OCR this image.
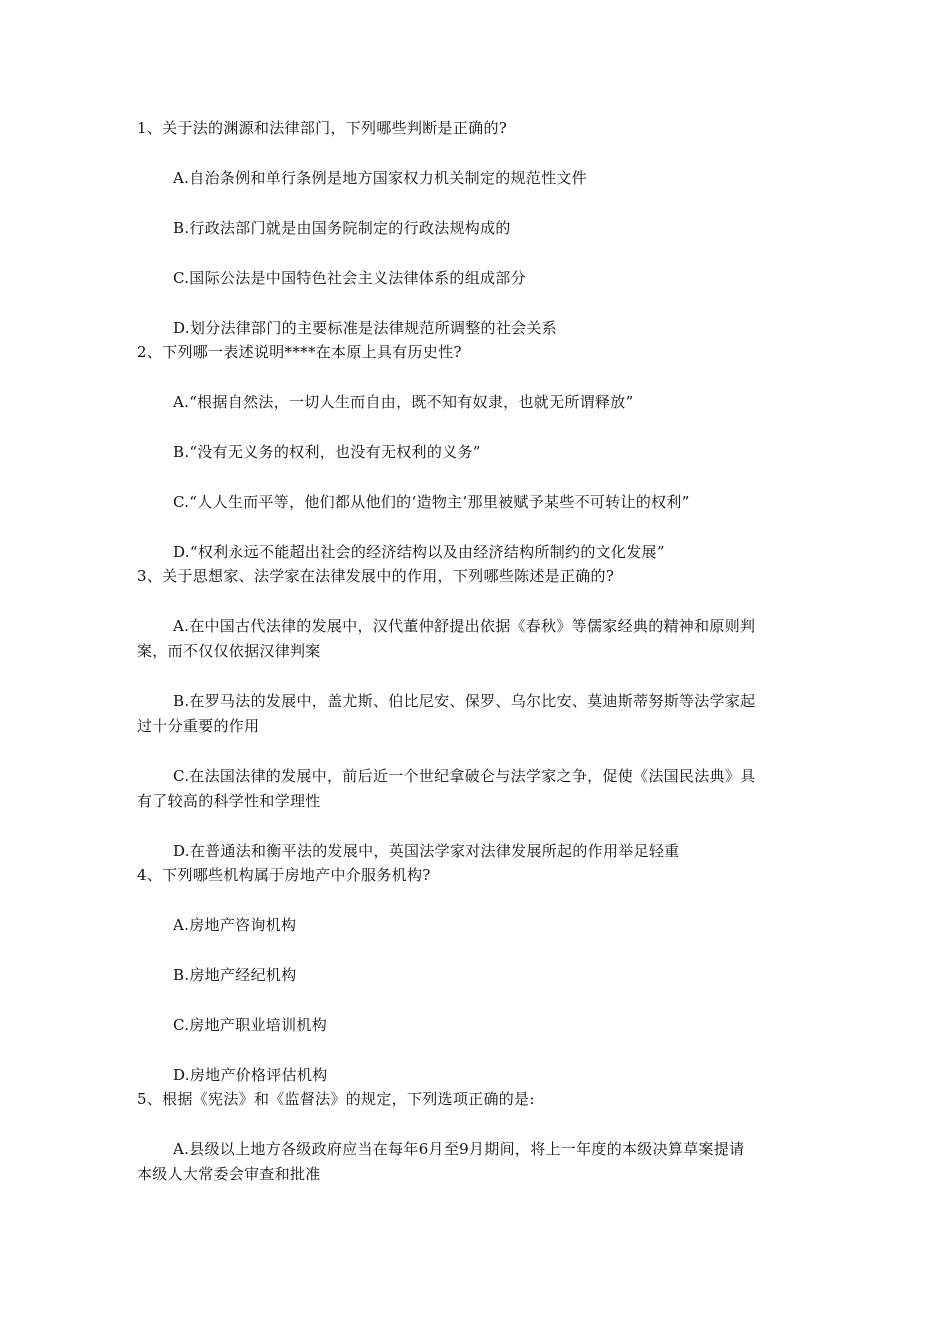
1、关于法的渊源和法律部门，下列哪些判断是正确的?
A.自治条例和单行条例是地方国家权力机关制定的规范性文件
B.行政法部门就是由国务院制定的行政法规构成的
C.国际公法是中国特色社会主义法律体系的组成部分
D.划分法律部门的主要标准是法律规范所调整的社会关系
2、下列哪一表述说明****在本原上具有历史性?
A.“根据自然法，一切人生而自由，既不知有奴隶，也就无所谓释放”
B.“没有无义务的权利，也没有无权利的义务”
C.“人人生而平等，他们都从他们的‘造物主’那里被赋予某些不可转让的权利”
D.“权利永远不能超出社会的经济结构以及由经济结构所制约的文化发展”
3、关于思想家、法学家在法律发展中的作用，下列哪些陈述是正确的?
A.在中国古代法律的发展中，汉代董仲舒提出依据《春秋》等儒家经典的精神和原则判
案，而不仅仅依据汉律判案
B.在罗马法的发展中，盖尤斯、伯比尼安、保罗、乌尔比安、莫迪斯蒂努斯等法学家起
过十分重要的作用
C.在法国法律的发展中，前后近一个世纪拿破仑与法学家之争，促使《法国民法典》具
有了较高的科学性和学理性
D.在普通法和衡平法的发展中，英国法学家对法律发展所起的作用举足轻重
4、下列哪些机构属于房地产中介服务机构?
A.房地产咨询机构
B.房地产经纪机构
C.房地产职业培训机构
D.房地产价格评估机构
5、根据《宪法》和《监督法》的规定，下列选项正确的是:
A.县级以上地方各级政府应当在每年6月至9月期间，将上一年度的本级决算草案提请
本级人大常委会审查和批准
